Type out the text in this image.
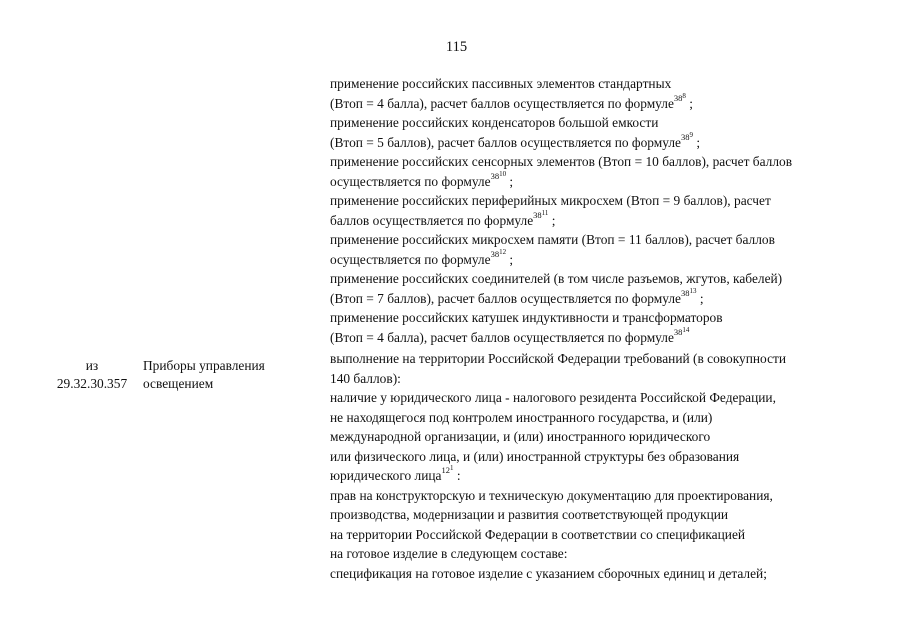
115
применение российских пассивных элементов стандартных
(Втоп = 4 балла), расчет баллов осуществляется по формуле$^{38^8}$ ;
применение российских конденсаторов большой емкости
(Втоп = 5 баллов), расчет баллов осуществляется по формуле$^{38^9}$ ;
применение российских сенсорных элементов (Втоп = 10 баллов), расчет баллов
осуществляется по формуле$^{38^{10}}$ ;
применение российских периферийных микросхем (Втоп = 9 баллов), расчет
баллов осуществляется по формуле$^{38^{11}}$ ;
применение российских микросхем памяти (Втоп = 11 баллов), расчет баллов
осуществляется по формуле$^{38^{12}}$ ;
применение российских соединителей (в том числе разъемов, жгутов, кабелей)
(Втоп = 7 баллов), расчет баллов осуществляется по формуле$^{38^{13}}$ ;
применение российских катушек индуктивности и трансформаторов
(Втоп = 4 балла), расчет баллов осуществляется по формуле$^{38^{14}}$
выполнение на территории Российской Федерации требований (в совокупности
140 баллов):
наличие у юридического лица - налогового резидента Российской Федерации,
не находящегося под контролем иностранного государства, и (или)
международной организации, и (или) иностранного юридического
или физического лица, и (или) иностранной структуры без образования
юридического лица$^{12^1}$ :
прав на конструкторскую и техническую документацию для проектирования,
производства, модернизации и развития соответствующей продукции
на территории Российской Федерации в соответствии со спецификацией
на готовое изделие в следующем составе:
спецификация на готовое изделие с указанием сборочных единиц и деталей;
из
29.32.30.357
Приборы управления
освещением
